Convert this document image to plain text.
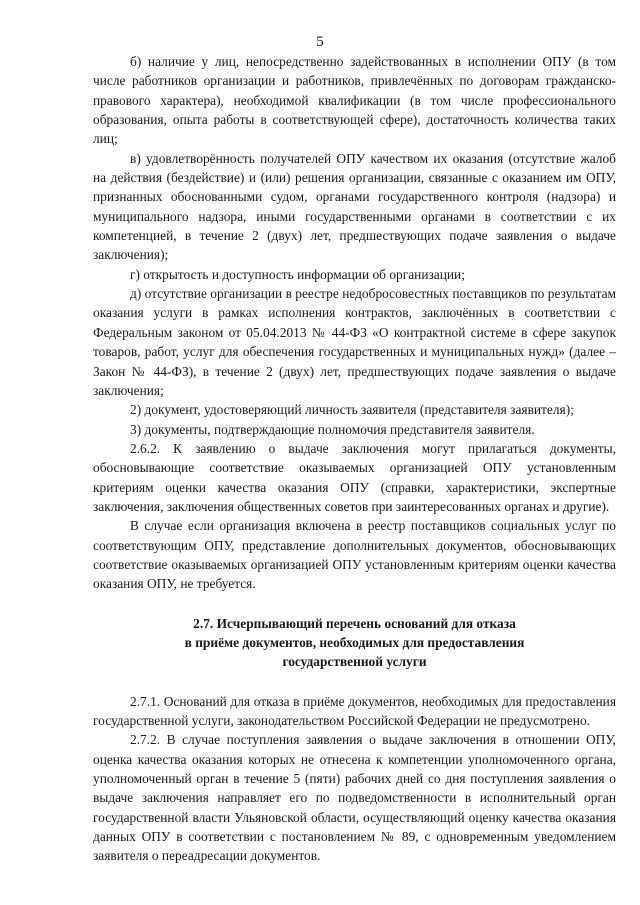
5

б) наличие у лиц, непосредственно задействованных в исполнении ОПУ (в том числе работников организации и работников, привлечённых по договорам гражданско-правового характера), необходимой квалификации (в том числе профессионального образования, опыта работы в соответствующей сфере), достаточность количества таких лиц;

в) удовлетворённость получателей ОПУ качеством их оказания (отсутствие жалоб на действия (бездействие) и (или) решения организации, связанные с оказанием им ОПУ, признанных обоснованными судом, органами государственного контроля (надзора) и муниципального надзора, иными государственными органами в соответствии с их компетенцией, в течение 2 (двух) лет, предшествующих подаче заявления о выдаче заключения);

г) открытость и доступность информации об организации;

д) отсутствие организации в реестре недобросовестных поставщиков по результатам оказания услуги в рамках исполнения контрактов, заключённых в соответствии с Федеральным законом от 05.04.2013 № 44-ФЗ «О контрактной системе в сфере закупок товаров, работ, услуг для обеспечения государственных и муниципальных нужд» (далее – Закон № 44-ФЗ), в течение 2 (двух) лет, предшествующих подаче заявления о выдаче заключения;

2) документ, удостоверяющий личность заявителя (представителя заявителя);

3) документы, подтверждающие полномочия представителя заявителя.

2.6.2. К заявлению о выдаче заключения могут прилагаться документы, обосновывающие соответствие оказываемых организацией ОПУ установленным критериям оценки качества оказания ОПУ (справки, характеристики, экспертные заключения, заключения общественных советов при заинтересованных органах и другие).

В случае если организация включена в реестр поставщиков социальных услуг по соответствующим ОПУ, представление дополнительных документов, обосновывающих соответствие оказываемых организацией ОПУ установленным критериям оценки качества оказания ОПУ, не требуется.

2.7. Исчерпывающий перечень оснований для отказа
в приёме документов, необходимых для предоставления
государственной услуги

2.7.1. Оснований для отказа в приёме документов, необходимых для предоставления государственной услуги, законодательством Российской Федерации не предусмотрено.

2.7.2. В случае поступления заявления о выдаче заключения в отношении ОПУ, оценка качества оказания которых не отнесена к компетенции уполномоченного органа, уполномоченный орган в течение 5 (пяти) рабочих дней со дня поступления заявления о выдаче заключения направляет его по подведомственности в исполнительный орган государственной власти Ульяновской области, осуществляющий оценку качества оказания данных ОПУ в соответствии с постановлением № 89, с одновременным уведомлением заявителя о переадресации документов.
